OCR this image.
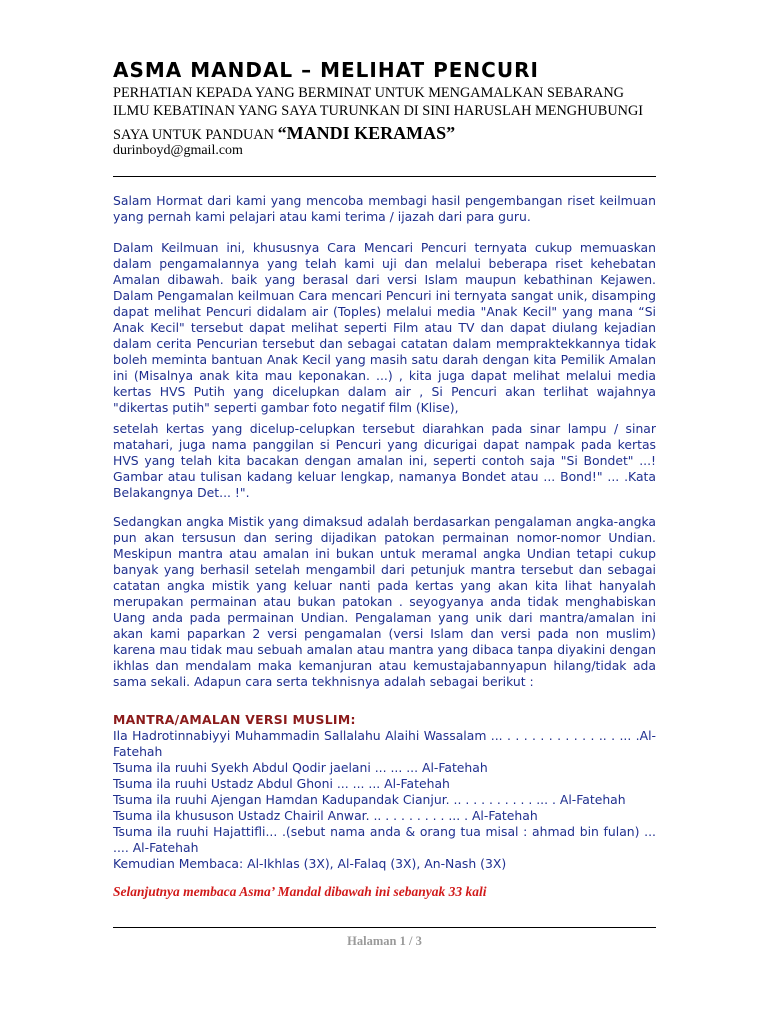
ASMA MANDAL – MELIHAT PENCURI

PERHATIAN KEPADA YANG BERMINAT UNTUK MENGAMALKAN SEBARANG
ILMU KEBATINAN YANG SAYA TURUNKAN DI SINI HARUSLAH MENGHUBUNGI
SAYA UNTUK PANDUAN “MANDI KERAMAS”

durinboyd@gmail.com

Salam Hormat dari kami yang mencoba membagi hasil pengembangan riset keilmuan yang pernah kami pelajari atau kami terima / ijazah dari para guru.

Dalam Keilmuan ini, khususnya Cara Mencari Pencuri ternyata cukup memuaskan dalam pengamalannya yang telah kami uji dan melalui beberapa riset kehebatan Amalan dibawah. baik yang berasal dari versi Islam maupun kebathinan Kejawen. Dalam Pengamalan keilmuan Cara mencari Pencuri ini ternyata sangat unik, disamping dapat melihat Pencuri didalam air (Toples) melalui media "Anak Kecil" yang mana “Si Anak Kecil" tersebut dapat melihat seperti Film atau TV dan dapat diulang kejadian dalam cerita Pencurian tersebut dan sebagai catatan dalam mempraktekkannya tidak boleh meminta bantuan Anak Kecil yang masih satu darah dengan kita Pemilik Amalan ini (Misalnya anak kita mau keponakan. ...) , kita juga dapat melihat melalui media kertas HVS Putih yang dicelupkan dalam air , Si Pencuri akan terlihat wajahnya "dikertas putih" seperti gambar foto negatif film (Klise),

setelah kertas yang dicelup-celupkan tersebut diarahkan pada sinar lampu / sinar matahari, juga nama panggilan si Pencuri yang dicurigai dapat nampak pada kertas HVS yang telah kita bacakan dengan amalan ini, seperti contoh saja "Si Bondet" ...! Gambar atau tulisan kadang keluar lengkap, namanya Bondet atau ... Bond!" ... .Kata Belakangnya Det... !".

Sedangkan angka Mistik yang dimaksud adalah berdasarkan pengalaman angka-angka pun akan tersusun dan sering dijadikan patokan permainan nomor-nomor Undian. Meskipun mantra atau amalan ini bukan untuk meramal angka Undian tetapi cukup banyak yang berhasil setelah mengambil dari petunjuk mantra tersebut dan sebagai catatan angka mistik yang keluar nanti pada kertas yang akan kita lihat hanyalah merupakan permainan atau bukan patokan . seyogyanya anda tidak menghabiskan Uang anda pada permainan Undian. Pengalaman yang unik dari mantra/amalan ini akan kami paparkan 2 versi pengamalan (versi Islam dan versi pada non muslim) karena mau tidak mau sebuah amalan atau mantra yang dibaca tanpa diyakini dengan ikhlas dan mendalam maka kemanjuran atau kemustajabannyapun hilang/tidak ada sama sekali. Adapun cara serta tekhnisnya adalah sebagai berikut :

MANTRA/AMALAN VERSI MUSLIM:
Ila Hadrotinnabiyyi Muhammadin Sallalahu Alaihi Wassalam ... . . . . . . . . . . . .. . ... .Al-Fatehah
Tsuma ila ruuhi Syekh Abdul Qodir jaelani ... ... ... Al-Fatehah
Tsuma ila ruuhi Ustadz Abdul Ghoni ... ... ... Al-Fatehah
Tsuma ila ruuhi Ajengan Hamdan Kadupandak Cianjur. .. . . . . . . . . . ... . Al-Fatehah
Tsuma ila khususon Ustadz Chairil Anwar. .. . . . . . . . . ... . Al-Fatehah
Tsuma ila ruuhi Hajattifli... .(sebut nama anda & orang tua misal : ahmad bin fulan) ... .... Al-Fatehah
Kemudian Membaca: Al-Ikhlas (3X), Al-Falaq (3X), An-Nash (3X)
Selanjutnya membaca Asma’ Mandal dibawah ini sebanyak 33 kali
Halaman 1 / 3
